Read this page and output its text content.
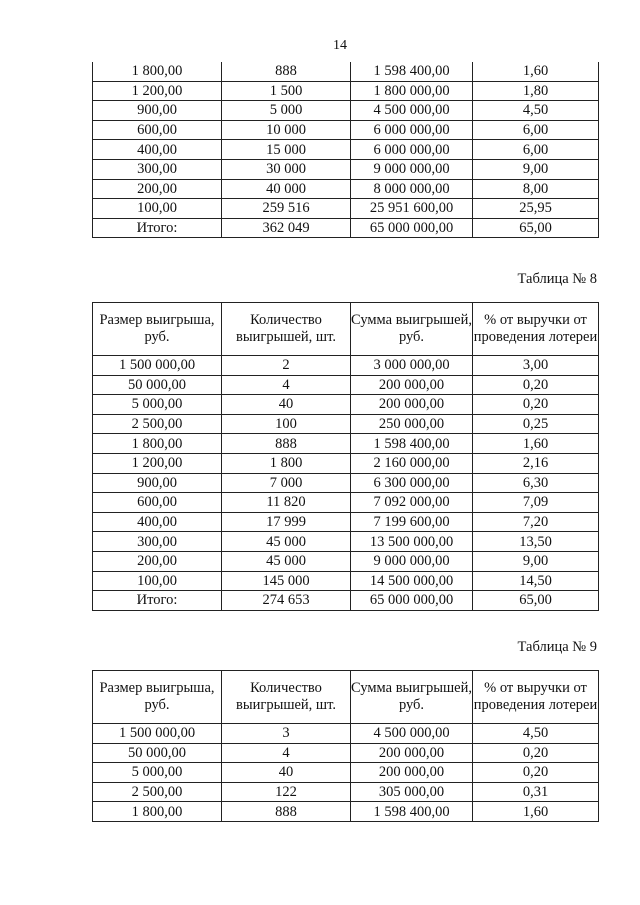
14
1 800,00	888	1 598 400,00	1,60
1 200,00	1 500	1 800 000,00	1,80
900,00	5 000	4 500 000,00	4,50
600,00	10 000	6 000 000,00	6,00
400,00	15 000	6 000 000,00	6,00
300,00	30 000	9 000 000,00	9,00
200,00	40 000	8 000 000,00	8,00
100,00	259 516	25 951 600,00	25,95
Итого:	362 049	65 000 000,00	65,00
Таблица № 8
Размер выигрыша, руб.	Количество выигрышей, шт.	Сумма выигрышей, руб.	% от выручки от проведения лотереи
1 500 000,00	2	3 000 000,00	3,00
50 000,00	4	200 000,00	0,20
5 000,00	40	200 000,00	0,20
2 500,00	100	250 000,00	0,25
1 800,00	888	1 598 400,00	1,60
1 200,00	1 800	2 160 000,00	2,16
900,00	7 000	6 300 000,00	6,30
600,00	11 820	7 092 000,00	7,09
400,00	17 999	7 199 600,00	7,20
300,00	45 000	13 500 000,00	13,50
200,00	45 000	9 000 000,00	9,00
100,00	145 000	14 500 000,00	14,50
Итого:	274 653	65 000 000,00	65,00
Таблица № 9
Размер выигрыша, руб.	Количество выигрышей, шт.	Сумма выигрышей, руб.	% от выручки от проведения лотереи
1 500 000,00	3	4 500 000,00	4,50
50 000,00	4	200 000,00	0,20
5 000,00	40	200 000,00	0,20
2 500,00	122	305 000,00	0,31
1 800,00	888	1 598 400,00	1,60
